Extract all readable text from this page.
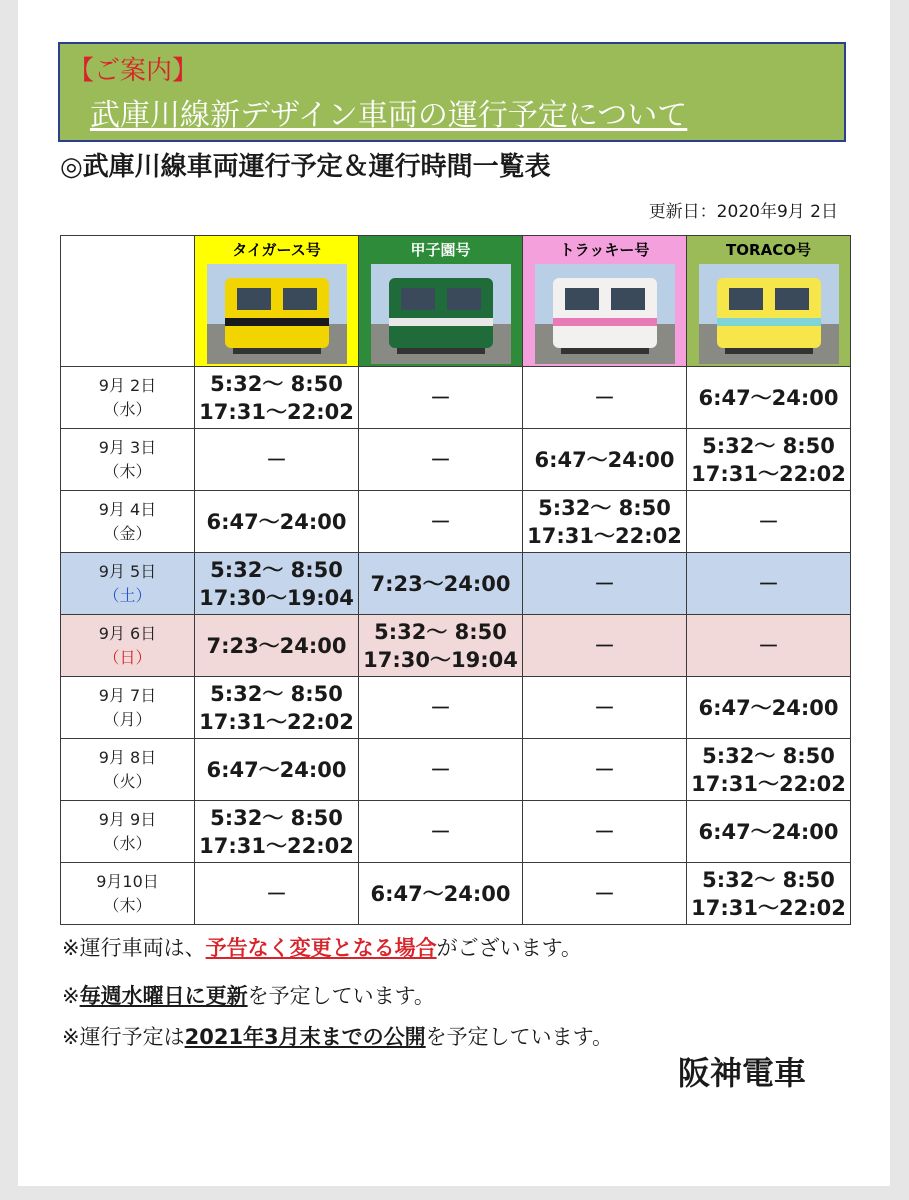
【ご案内】
武庫川線新デザイン車両の運行予定について
◎武庫川線車両運行予定＆運行時間一覧表
更新日：2020年9月 2日

	タイガース号	甲子園号	トラッキー号	TORACO号

9月 2日
（水）	5:32～ 8:50
17:31～22:02	－	－	6:47～24:00
9月 3日
（木）	－	－	6:47～24:00	5:32～ 8:50
17:31～22:02
9月 4日
（金）	6:47～24:00	－	5:32～ 8:50
17:31～22:02	－
9月 5日
（土）	5:32～ 8:50
17:30～19:04	7:23～24:00	－	－
9月 6日
（日）	7:23～24:00	5:32～ 8:50
17:30～19:04	－	－
9月 7日
（月）	5:32～ 8:50
17:31～22:02	－	－	6:47～24:00
9月 8日
（火）	6:47～24:00	－	－	5:32～ 8:50
17:31～22:02
9月 9日
（水）	5:32～ 8:50
17:31～22:02	－	－	6:47～24:00
9月10日
（木）	－	6:47～24:00	－	5:32～ 8:50
17:31～22:02
※運行車両は、予告なく変更となる場合がございます。
※毎週水曜日に更新を予定しています。
※運行予定は2021年3月末までの公開を予定しています。
阪神電車
